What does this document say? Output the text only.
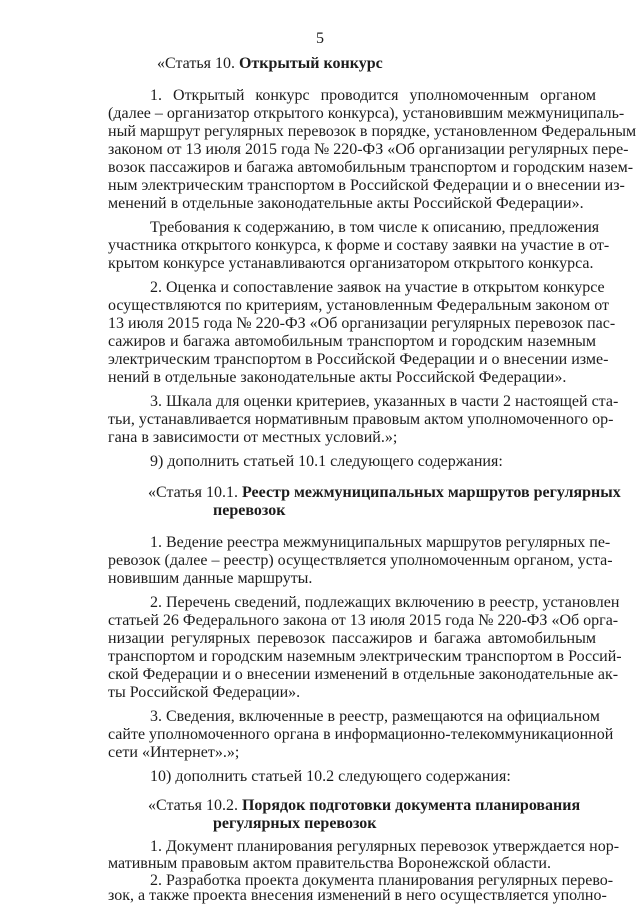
5

«Статья 10. Открытый конкурс

1. Открытый конкурс проводится уполномоченным органом

(далее – организатор открытого конкурса), установившим межмуниципаль-

ный маршрут регулярных перевозок в порядке, установленном Федеральным

законом от 13 июля 2015 года № 220-ФЗ «Об организации регулярных пере-

возок пассажиров и багажа автомобильным транспортом и городским назем-

ным электрическим транспортом в Российской Федерации и о внесении из-

менений в отдельные законодательные акты Российской Федерации».

Требования к содержанию, в том числе к описанию, предложения

участника открытого конкурса, к форме и составу заявки на участие в от-

крытом конкурсе устанавливаются организатором открытого конкурса.

2. Оценка и сопоставление заявок на участие в открытом конкурсе

осуществляются по критериям, установленным Федеральным законом от

13 июля 2015 года № 220-ФЗ «Об организации регулярных перевозок пас-

сажиров и багажа автомобильным транспортом и городским наземным

электрическим транспортом в Российской Федерации и о внесении изме-

нений в отдельные законодательные акты Российской Федерации».

3. Шкала для оценки критериев, указанных в части 2 настоящей ста-

тьи, устанавливается нормативным правовым актом уполномоченного ор-

гана в зависимости от местных условий.»;

9) дополнить статьей 10.1 следующего содержания:

«Статья 10.1. Реестр межмуниципальных маршрутов регулярных

перевозок

1. Ведение реестра межмуниципальных маршрутов регулярных пе-

ревозок (далее – реестр) осуществляется уполномоченным органом, уста-

новившим данные маршруты.

2. Перечень сведений, подлежащих включению в реестр, установлен

статьей 26 Федерального закона от 13 июля 2015 года № 220-ФЗ «Об орга-

низации регулярных перевозок пассажиров и багажа автомобильным

транспортом и городским наземным электрическим транспортом в Россий-

ской Федерации и о внесении изменений в отдельные законодательные ак-

ты Российской Федерации».

3. Сведения, включенные в реестр, размещаются на официальном

сайте уполномоченного органа в информационно-телекоммуникационной

сети «Интернет».»;

10) дополнить статьей 10.2 следующего содержания:

«Статья 10.2. Порядок подготовки документа планирования

регулярных перевозок

1. Документ планирования регулярных перевозок утверждается нор-

мативным правовым актом правительства Воронежской области.

2. Разработка проекта документа планирования регулярных перево-

зок, а также проекта внесения изменений в него осуществляется уполно-
